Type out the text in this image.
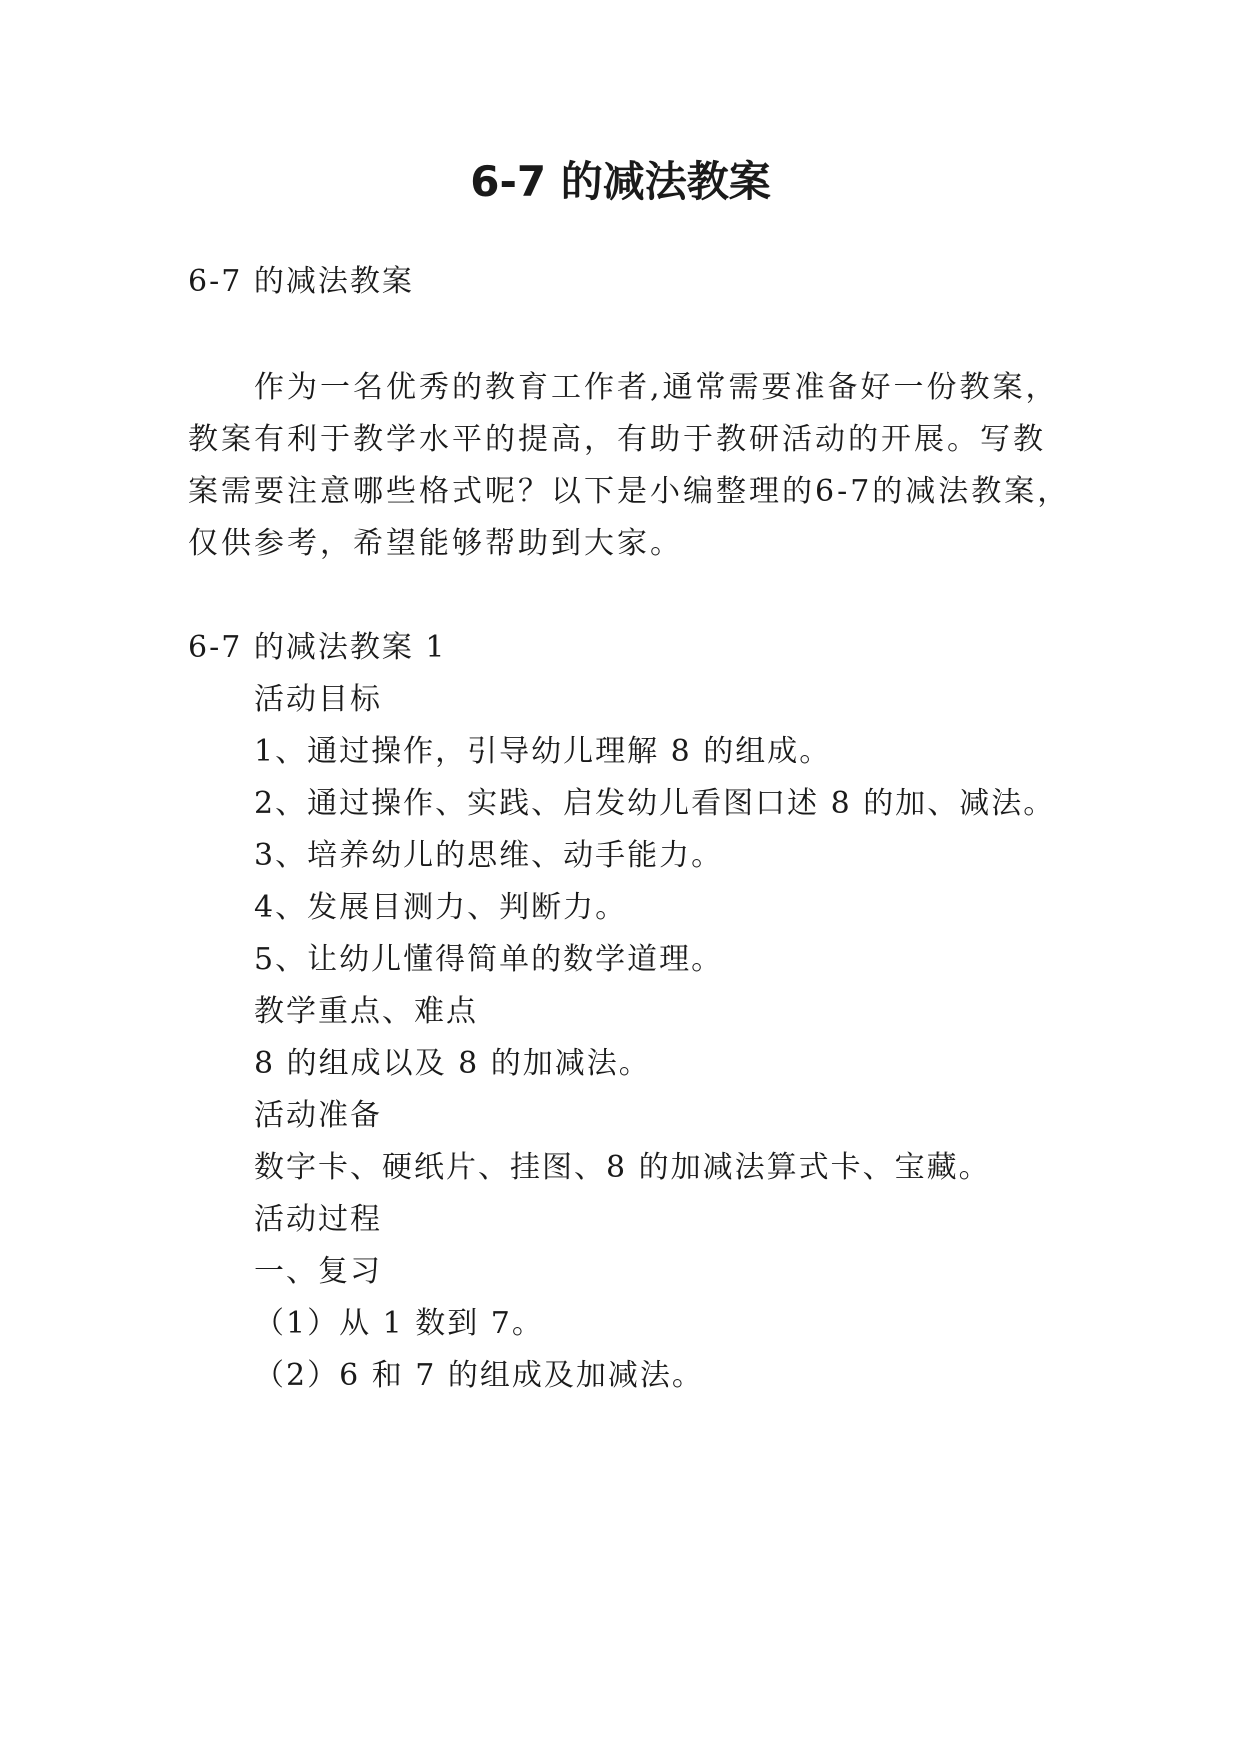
6-7 的减法教案
6-7 的减法教案
作为一名优秀的教育工作者,通常需要准备好一份教案，
教案有利于教学水平的提高，有助于教研活动的开展。写教
案需要注意哪些格式呢？以下是小编整理的6-7的减法教案，
仅供参考，希望能够帮助到大家。
6-7 的减法教案 1
活动目标
1、通过操作，引导幼儿理解 8 的组成。
2、通过操作、实践、启发幼儿看图口述 8 的加、减法。
3、培养幼儿的思维、动手能力。
4、发展目测力、判断力。
5、让幼儿懂得简单的数学道理。
教学重点、难点
8 的组成以及 8 的加减法。
活动准备
数字卡、硬纸片、挂图、8 的加减法算式卡、宝藏。
活动过程
一、复习
（1）从 1 数到 7。
（2）6 和 7 的组成及加减法。
